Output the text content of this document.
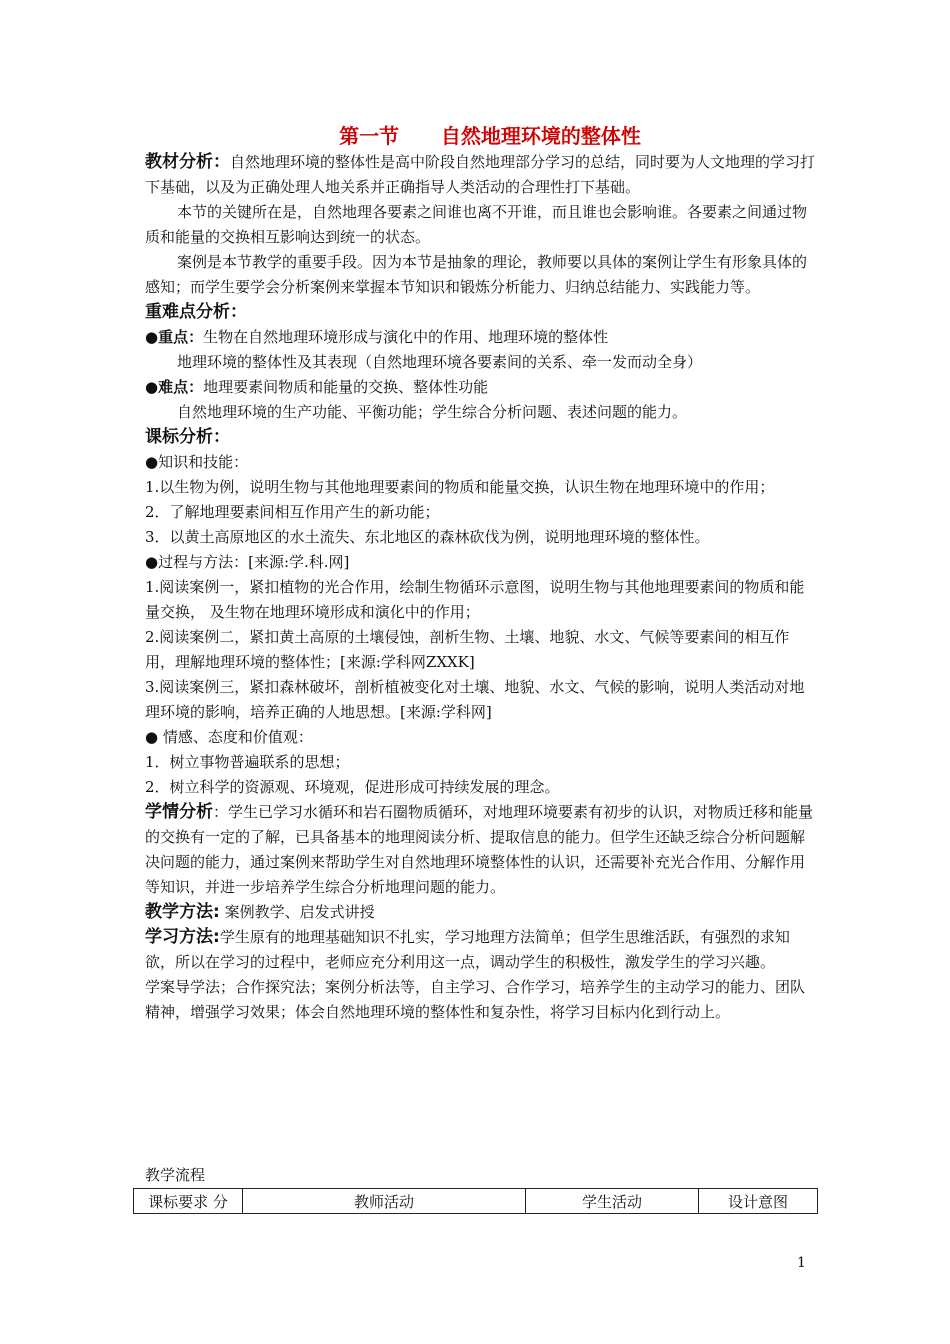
第一节      自然地理环境的整体性

教材分析：自然地理环境的整体性是高中阶段自然地理部分学习的总结，同时要为人文地理的学习打下基础，以及为正确处理人地关系并正确指导人类活动的合理性打下基础。

本节的关键所在是，自然地理各要素之间谁也离不开谁，而且谁也会影响谁。各要素之间通过物质和能量的交换相互影响达到统一的状态。

案例是本节教学的重要手段。因为本节是抽象的理论，教师要以具体的案例让学生有形象具体的感知；而学生要学会分析案例来掌握本节知识和锻炼分析能力、归纳总结能力、实践能力等。

重难点分析：

●重点：生物在自然地理环境形成与演化中的作用、地理环境的整体性

地理环境的整体性及其表现（自然地理环境各要素间的关系、牵一发而动全身）

●难点：地理要素间物质和能量的交换、整体性功能

自然地理环境的生产功能、平衡功能；学生综合分析问题、表述问题的能力。

课标分析：

●知识和技能：

1.以生物为例，说明生物与其他地理要素间的物质和能量交换，认识生物在地理环境中的作用；

2．了解地理要素间相互作用产生的新功能；

3．以黄土高原地区的水土流失、东北地区的森林砍伐为例，说明地理环境的整体性。

●过程与方法：[来源:学.科.网]

1.阅读案例一，紧扣植物的光合作用，绘制生物循环示意图，说明生物与其他地理要素间的物质和能量交换， 及生物在地理环境形成和演化中的作用；

2.阅读案例二，紧扣黄土高原的土壤侵蚀，剖析生物、土壤、地貌、水文、气候等要素间的相互作用，理解地理环境的整体性；[来源:学科网ZXXK]

3.阅读案例三，紧扣森林破坏，剖析植被变化对土壤、地貌、水文、气候的影响，说明人类活动对地理环境的影响，培养正确的人地思想。[来源:学科网]

● 情感、态度和价值观：

1．树立事物普遍联系的思想；

2．树立科学的资源观、环境观，促进形成可持续发展的理念。

学情分析：学生已学习水循环和岩石圈物质循环，对地理环境要素有初步的认识，对物质迁移和能量的交换有一定的了解，已具备基本的地理阅读分析、提取信息的能力。但学生还缺乏综合分析问题解决问题的能力，通过案例来帮助学生对自然地理环境整体性的认识，还需要补充光合作用、分解作用等知识，并进一步培养学生综合分析地理问题的能力。

教学方法: 案例教学、启发式讲授

学习方法:学生原有的地理基础知识不扎实，学习地理方法简单；但学生思维活跃，有强烈的求知欲，所以在学习的过程中，老师应充分利用这一点，调动学生的积极性，激发学生的学习兴趣。

学案导学法；合作探究法；案例分析法等，自主学习、合作学习，培养学生的主动学习的能力、团队精神，增强学习效果；体会自然地理环境的整体性和复杂性，将学习目标内化到行动上。

教学流程
课标要求 分	教师活动	学生活动	设计意图
1
